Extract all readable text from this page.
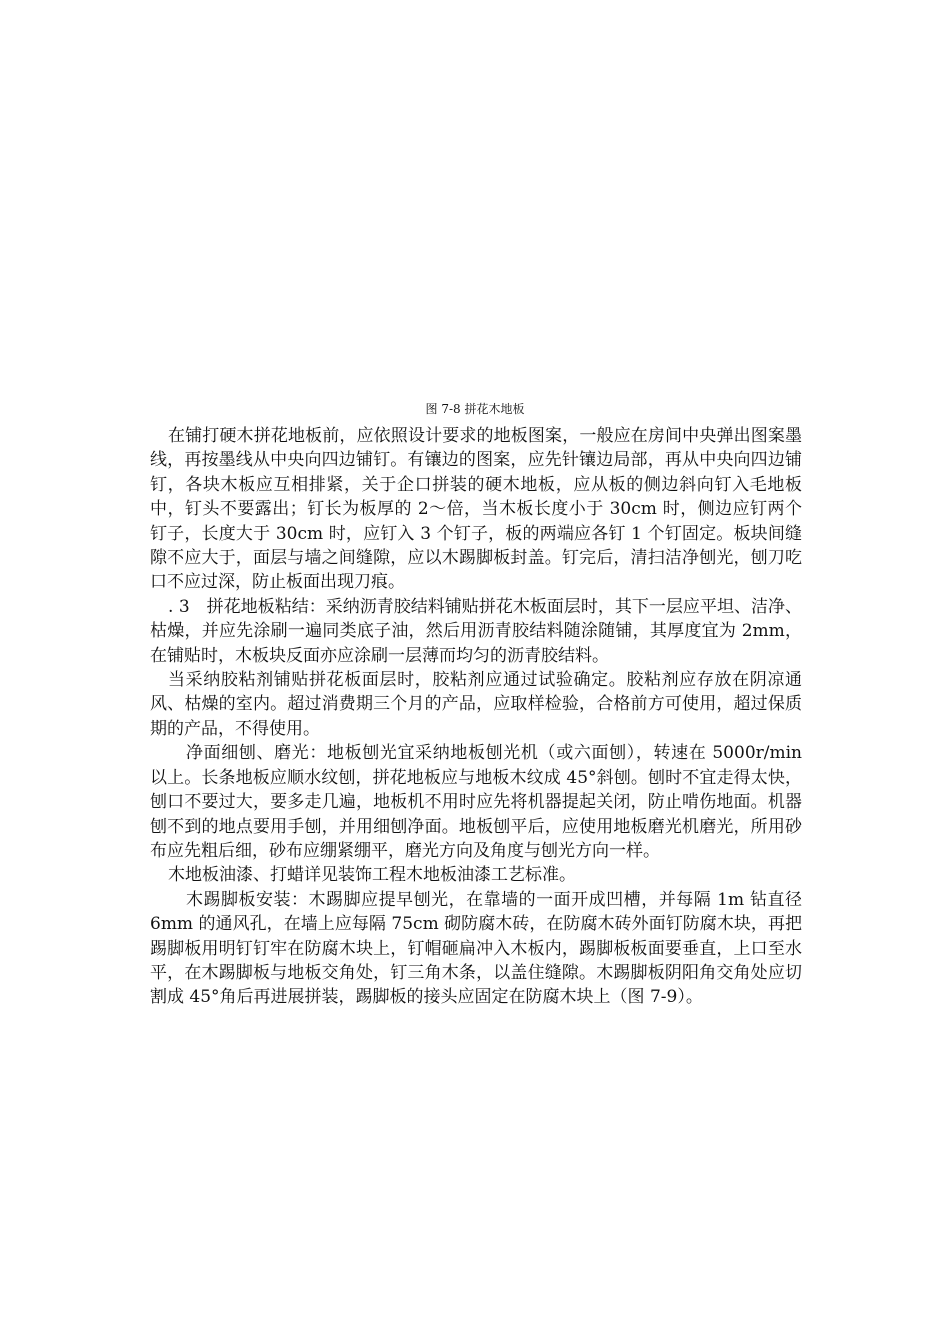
图 7-8 拼花木地板

在铺打硬木拼花地板前，应依照设计要求的地板图案，一般应在房间中央弹出图案墨线，再按墨线从中央向四边铺钉。有镶边的图案，应先针镶边局部，再从中央向四边铺钉，各块木板应互相排紧，关于企口拼装的硬木地板，应从板的侧边斜向钉入毛地板中，钉头不要露出；钉长为板厚的 2～倍，当木板长度小于 30cm 时，侧边应钉两个钉子，长度大于 30cm 时，应钉入 3 个钉子，板的两端应各钉 1 个钉固定。板块间缝隙不应大于，面层与墙之间缝隙，应以木踢脚板封盖。钉完后，清扫洁净刨光，刨刀吃口不应过深，防止板面出现刀痕。

. 3　拼花地板粘结：采纳沥青胶结料铺贴拼花木板面层时，其下一层应平坦、洁净、枯燥，并应先涂刷一遍同类底子油，然后用沥青胶结料随涂随铺，其厚度宜为 2mm，在铺贴时，木板块反面亦应涂刷一层薄而均匀的沥青胶结料。

当采纳胶粘剂铺贴拼花板面层时，胶粘剂应通过试验确定。胶粘剂应存放在阴凉通风、枯燥的室内。超过消费期三个月的产品，应取样检验，合格前方可使用，超过保质期的产品，不得使用。

净面细刨、磨光：地板刨光宜采纳地板刨光机（或六面刨），转速在 5000r/min 以上。长条地板应顺水纹刨，拼花地板应与地板木纹成 45°斜刨。刨时不宜走得太快，刨口不要过大，要多走几遍，地板机不用时应先将机器提起关闭，防止啃伤地面。机器刨不到的地点要用手刨，并用细刨净面。地板刨平后，应使用地板磨光机磨光，所用砂布应先粗后细，砂布应绷紧绷平，磨光方向及角度与刨光方向一样。

木地板油漆、打蜡详见装饰工程木地板油漆工艺标准。

木踢脚板安装：木踢脚应提早刨光，在靠墙的一面开成凹槽，并每隔 1m 钻直径 6mm 的通风孔，在墙上应每隔 75cm 砌防腐木砖，在防腐木砖外面钉防腐木块，再把踢脚板用明钉钉牢在防腐木块上，钉帽砸扁冲入木板内，踢脚板板面要垂直，上口至水平，在木踢脚板与地板交角处，钉三角木条，以盖住缝隙。木踢脚板阴阳角交角处应切割成 45°角后再进展拼装，踢脚板的接头应固定在防腐木块上（图 7-9）。
